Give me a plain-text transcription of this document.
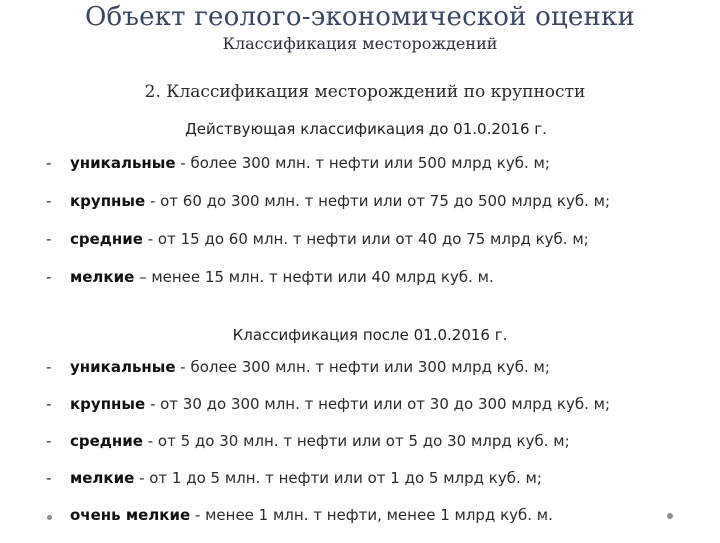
Объект геолого-экономической оценки
Классификация месторождений
2. Классификация месторождений по крупности
Действующая классификация до 01.0.2016 г.
-	уникальные - более 300 млн. т нефти или 500 млрд куб. м;
-	крупные - от 60 до 300 млн. т нефти или от 75 до 500 млрд куб. м;
-	средние - от 15 до 60 млн. т нефти или от 40 до 75 млрд куб. м;
-	мелкие – менее 15 млн. т нефти или 40 млрд куб. м.
Классификация после 01.0.2016 г.
-	уникальные - более 300 млн. т нефти или 300 млрд куб. м;
-	крупные - от 30 до 300 млн. т нефти или от 30 до 300 млрд куб. м;
-	средние - от 5 до 30 млн. т нефти или от 5 до 30 млрд куб. м;
-	мелкие - от 1 до 5 млн. т нефти или от 1 до 5 млрд куб. м;
очень мелкие - менее 1 млн. т нефти, менее 1 млрд куб. м.
